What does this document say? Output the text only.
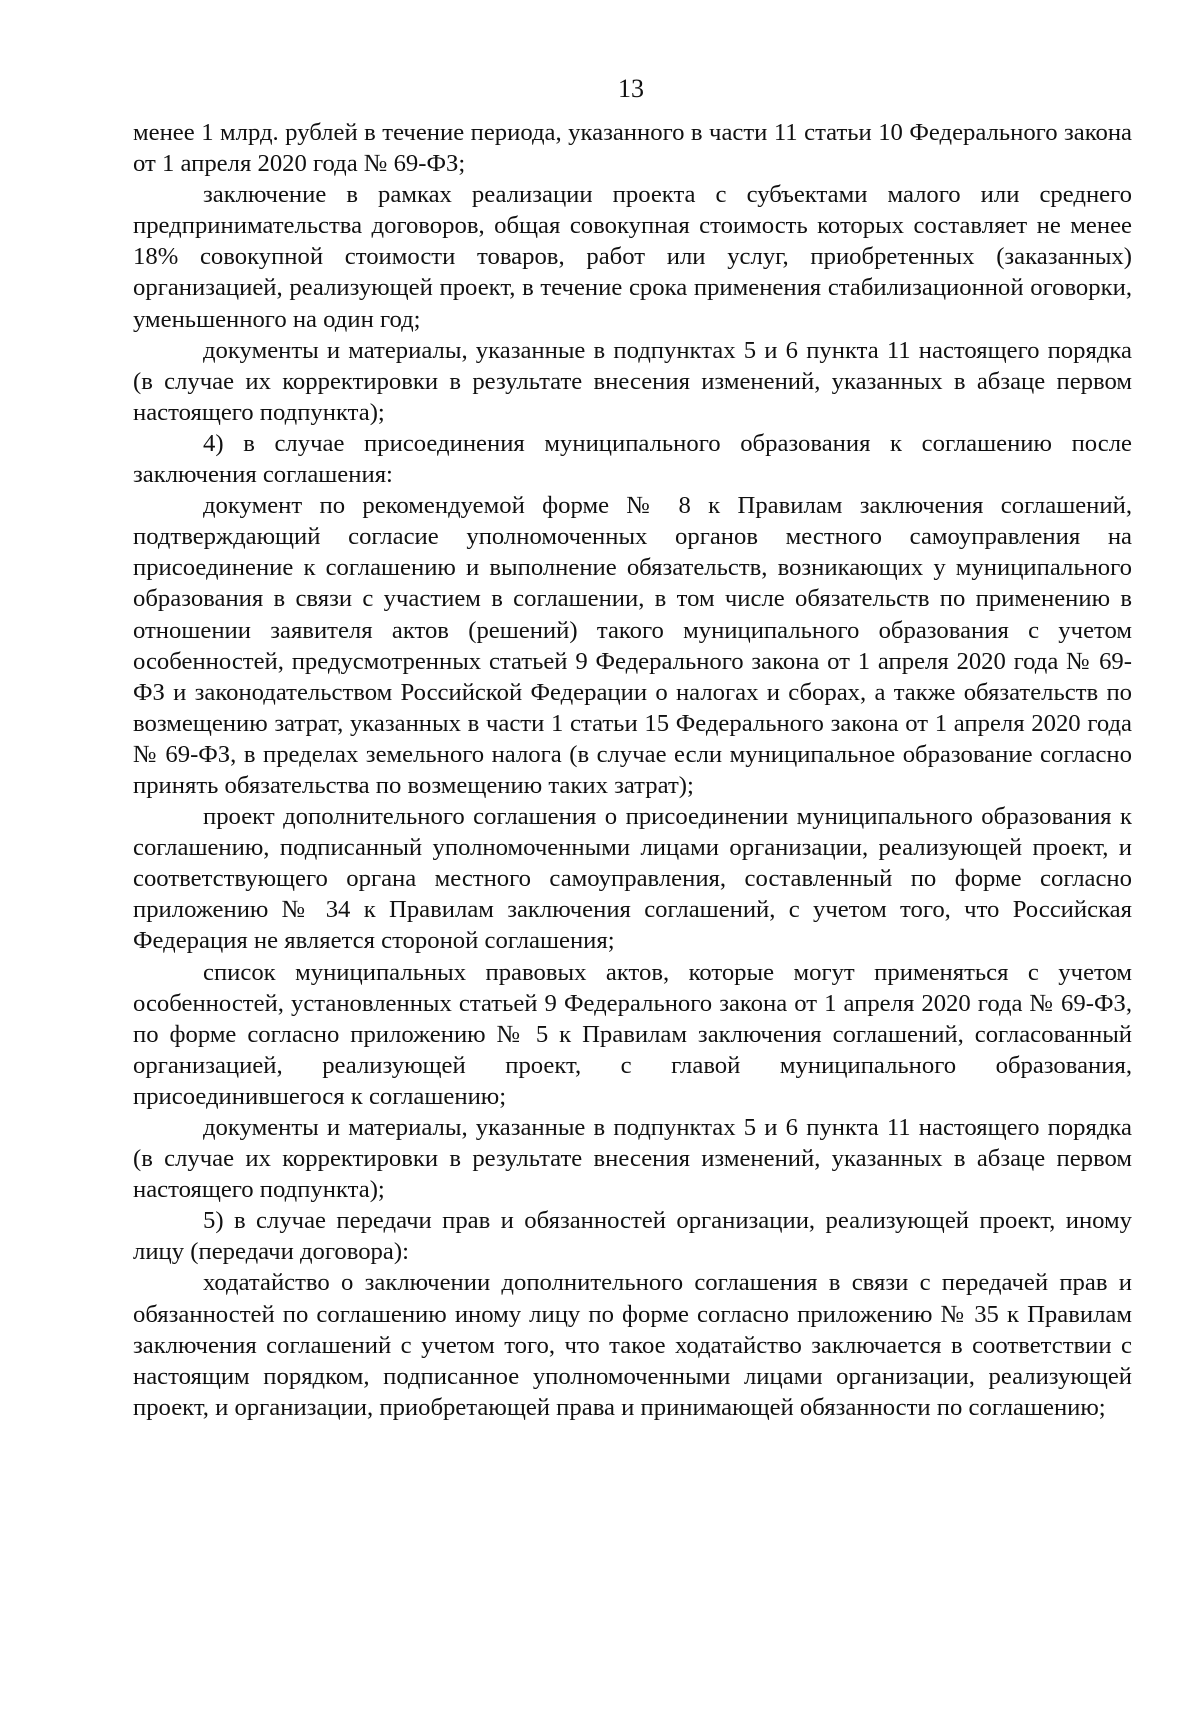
13

менее 1 млрд. рублей в течение периода, указанного в части 11 статьи 10 Федерального закона от 1 апреля 2020 года № 69-ФЗ;

заключение в рамках реализации проекта с субъектами малого или среднего предпринимательства договоров, общая совокупная стоимость которых составляет не менее 18% совокупной стоимости товаров, работ или услуг, приобретенных (заказанных) организацией, реализующей проект, в течение срока применения стабилизационной оговорки, уменьшенного на один год;

документы и материалы, указанные в подпунктах 5 и 6 пункта 11 настоящего порядка (в случае их корректировки в результате внесения изменений, указанных в абзаце первом настоящего подпункта);

4) в случае присоединения муниципального образования к соглашению после заключения соглашения:

документ по рекомендуемой форме № 8 к Правилам заключения соглашений, подтверждающий согласие уполномоченных органов местного самоуправления на присоединение к соглашению и выполнение обязательств, возникающих у муниципального образования в связи с участием в соглашении, в том числе обязательств по применению в отношении заявителя актов (решений) такого муниципального образования с учетом особенностей, предусмотренных статьей 9 Федерального закона от 1 апреля 2020 года № 69-ФЗ и законодательством Российской Федерации о налогах и сборах, а также обязательств по возмещению затрат, указанных в части 1 статьи 15 Федерального закона от 1 апреля 2020 года № 69-ФЗ, в пределах земельного налога (в случае если муниципальное образование согласно принять обязательства по возмещению таких затрат);

проект дополнительного соглашения о присоединении муниципального образования к соглашению, подписанный уполномоченными лицами организации, реализующей проект, и соответствующего органа местного самоуправления, составленный по форме согласно приложению № 34 к Правилам заключения соглашений, с учетом того, что Российская Федерация не является стороной соглашения;

список муниципальных правовых актов, которые могут применяться с учетом особенностей, установленных статьей 9 Федерального закона от 1 апреля 2020 года № 69-ФЗ, по форме согласно приложению № 5 к Правилам заключения соглашений, согласованный организацией, реализующей проект, с главой муниципального образования, присоединившегося к соглашению;

документы и материалы, указанные в подпунктах 5 и 6 пункта 11 настоящего порядка (в случае их корректировки в результате внесения изменений, указанных в абзаце первом настоящего подпункта);

5) в случае передачи прав и обязанностей организации, реализующей проект, иному лицу (передачи договора):

ходатайство о заключении дополнительного соглашения в связи с передачей прав и обязанностей по соглашению иному лицу по форме согласно приложению № 35 к Правилам заключения соглашений с учетом того, что такое ходатайство заключается в соответствии с настоящим порядком, подписанное уполномоченными лицами организации, реализующей проект, и организации, приобретающей права и принимающей обязанности по соглашению;
